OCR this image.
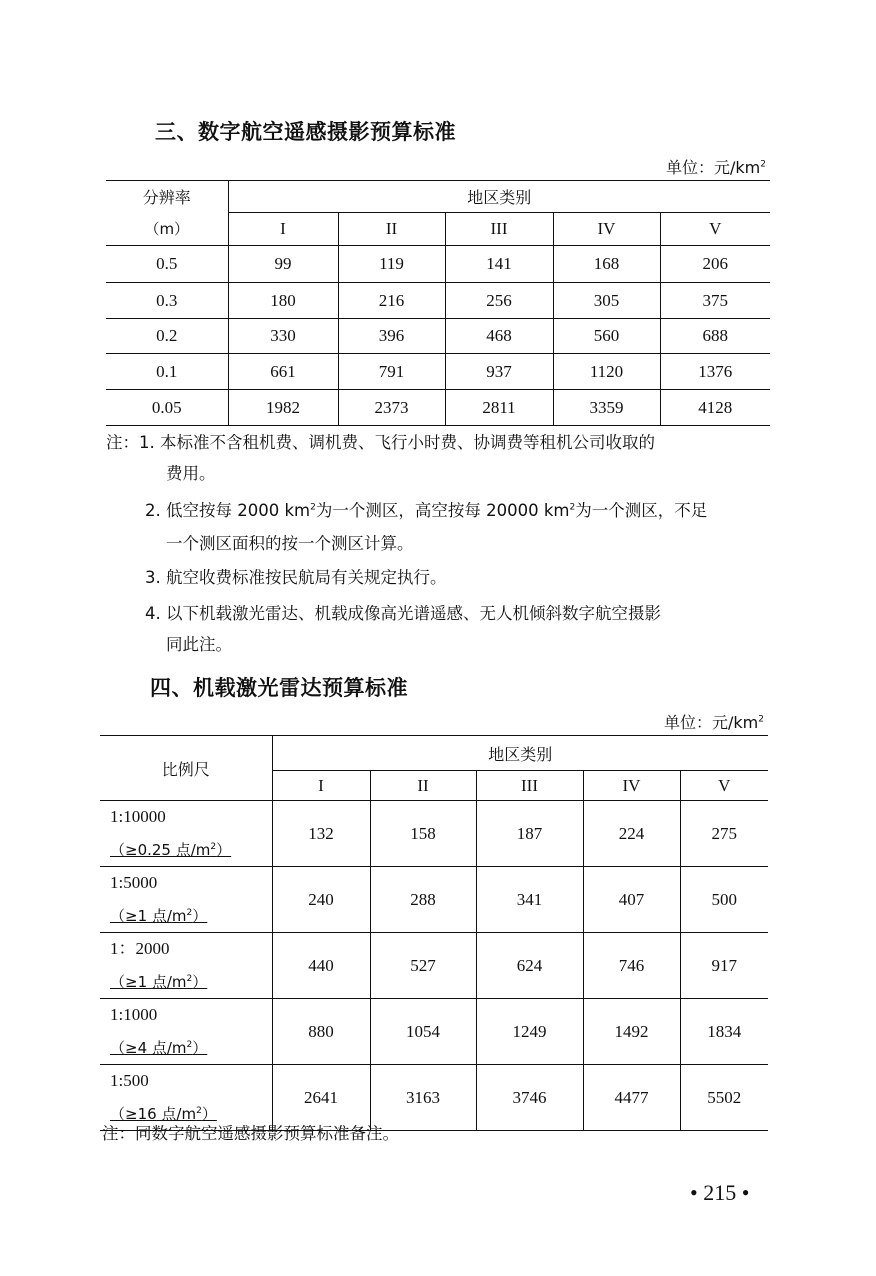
三、数字航空遥感摄影预算标准
单位：元$/km^2$
分辨率	地区类别				
（m）	I	II	III	IV	V
0.5	99	119	141	168	206
0.3	180	216	256	305	375
0.2	330	396	468	560	688
0.1	661	791	937	1120	1376
0.05	1982	2373	2811	3359	4128
注：1. 本标准不含租机费、调机费、飞行小时费、协调费等租机公司收取的
费用。
2. 低空按每 2000 $km^2$为一个测区，高空按每 20000 $km^2$为一个测区，不足
一个测区面积的按一个测区计算。
3. 航空收费标准按民航局有关规定执行。
4. 以下机载激光雷达、机载成像高光谱遥感、无人机倾斜数字航空摄影
同此注。
四、机载激光雷达预算标准
单位：元$/km^2$
比例尺	地区类别				
	I	II	III	IV	V

1:10000
（≥0.25 点$/m^2$）	132	158	187	224	275

1:5000
（≥1 点$/m^2$）	240	288	341	407	500

1：2000
（≥1 点$/m^2$）	440	527	624	746	917

1:1000
（≥4 点$/m^2$）	880	1054	1249	1492	1834

1:500
（≥16 点$/m^2$）	2641	3163	3746	4477	5502
注：同数字航空遥感摄影预算标准备注。
• 215 •
